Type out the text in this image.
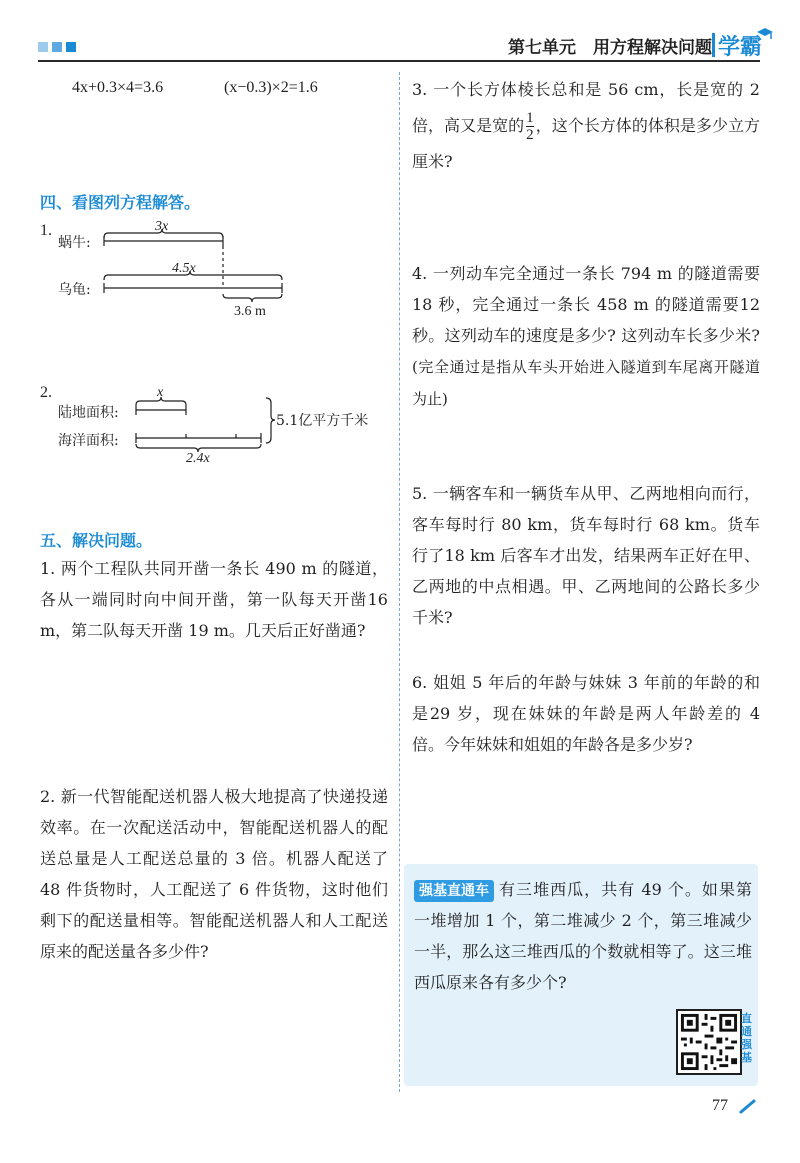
第七单元　用方程解决问题 学霸
4x+0.3×4=3.6	(x−0.3)×2=1.6
四、看图列方程解答。
1.
蜗牛:
乌龟:
3x
4.5x
3.6 m
2.
陆地面积:
海洋面积:
x
2.4x
5.1亿平方千米
五、解决问题。
1. 两个工程队共同开凿一条长 490 m 的隧道，各从一端同时向中间开凿，第一队每天开凿16 m，第二队每天开凿 19 m。几天后正好凿通?
2. 新一代智能配送机器人极大地提高了快递投递效率。在一次配送活动中，智能配送机器人的配送总量是人工配送总量的 3 倍。机器人配送了 48 件货物时，人工配送了 6 件货物，这时他们剩下的配送量相等。智能配送机器人和人工配送原来的配送量各多少件?
3. 一个长方体棱长总和是 56 cm，长是宽的 2 倍，高又是宽的 $\frac{1}{2}$ ，这个长方体的体积是多少立方厘米?
4. 一列动车完全通过一条长 794 m 的隧道需要18 秒，完全通过一条长 458 m 的隧道需要12 秒。这列动车的速度是多少? 这列动车长多少米?(完全通过是指从车头开始进入隧道到车尾离开隧道为止)
5. 一辆客车和一辆货车从甲、乙两地相向而行，客车每时行 80 km，货车每时行 68 km。货车行了18 km 后客车才出发，结果两车正好在甲、乙两地的中点相遇。甲、乙两地间的公路长多少千米?
6. 姐姐 5 年后的年龄与妹妹 3 年前的年龄的和是29 岁，现在妹妹的年龄是两人年龄差的 4 倍。今年妹妹和姐姐的年龄各是多少岁?
强基直通车 有三堆西瓜，共有 49 个。如果第一堆增加 1 个，第二堆减少 2 个，第三堆减少一半，那么这三堆西瓜的个数就相等了。这三堆西瓜原来各有多少个?
直通强基
77
